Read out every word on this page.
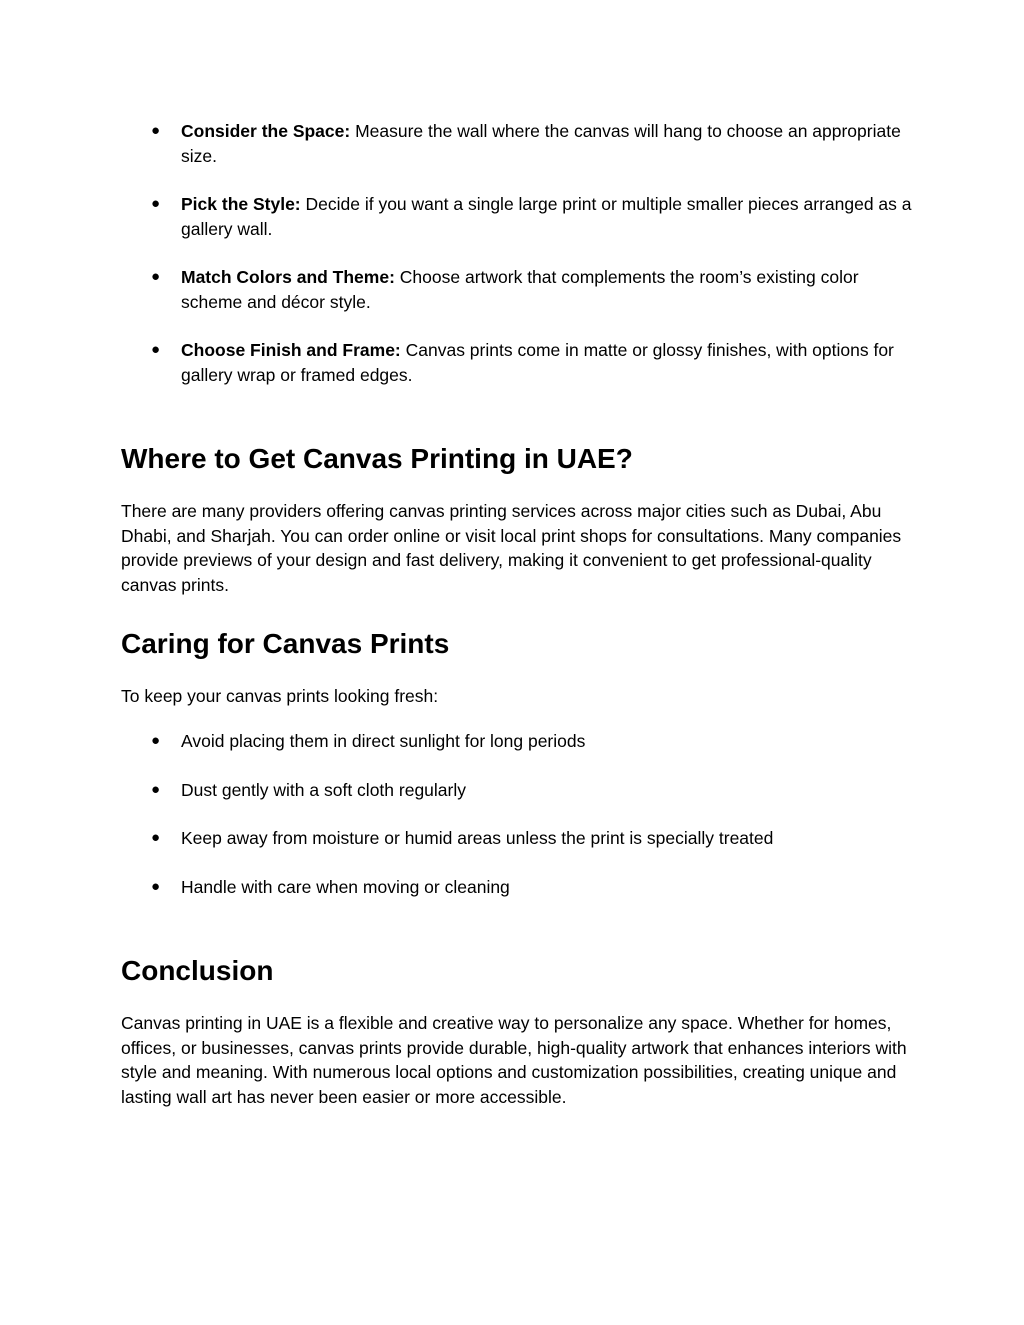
● Consider the Space: Measure the wall where the canvas will hang to choose an appropriate size.
● Pick the Style: Decide if you want a single large print or multiple smaller pieces arranged as a gallery wall.
● Match Colors and Theme: Choose artwork that complements the room’s existing color scheme and décor style.
● Choose Finish and Frame: Canvas prints come in matte or glossy finishes, with options for gallery wrap or framed edges.
Where to Get Canvas Printing in UAE?

There are many providers offering canvas printing services across major cities such as Dubai, Abu Dhabi, and Sharjah. You can order online or visit local print shops for consultations. Many companies provide previews of your design and fast delivery, making it convenient to get professional-quality canvas prints.

Caring for Canvas Prints

To keep your canvas prints looking fresh:

● Avoid placing them in direct sunlight for long periods
● Dust gently with a soft cloth regularly
● Keep away from moisture or humid areas unless the print is specially treated
● Handle with care when moving or cleaning
Conclusion

Canvas printing in UAE is a flexible and creative way to personalize any space. Whether for homes, offices, or businesses, canvas prints provide durable, high-quality artwork that enhances interiors with style and meaning. With numerous local options and customization possibilities, creating unique and lasting wall art has never been easier or more accessible.
